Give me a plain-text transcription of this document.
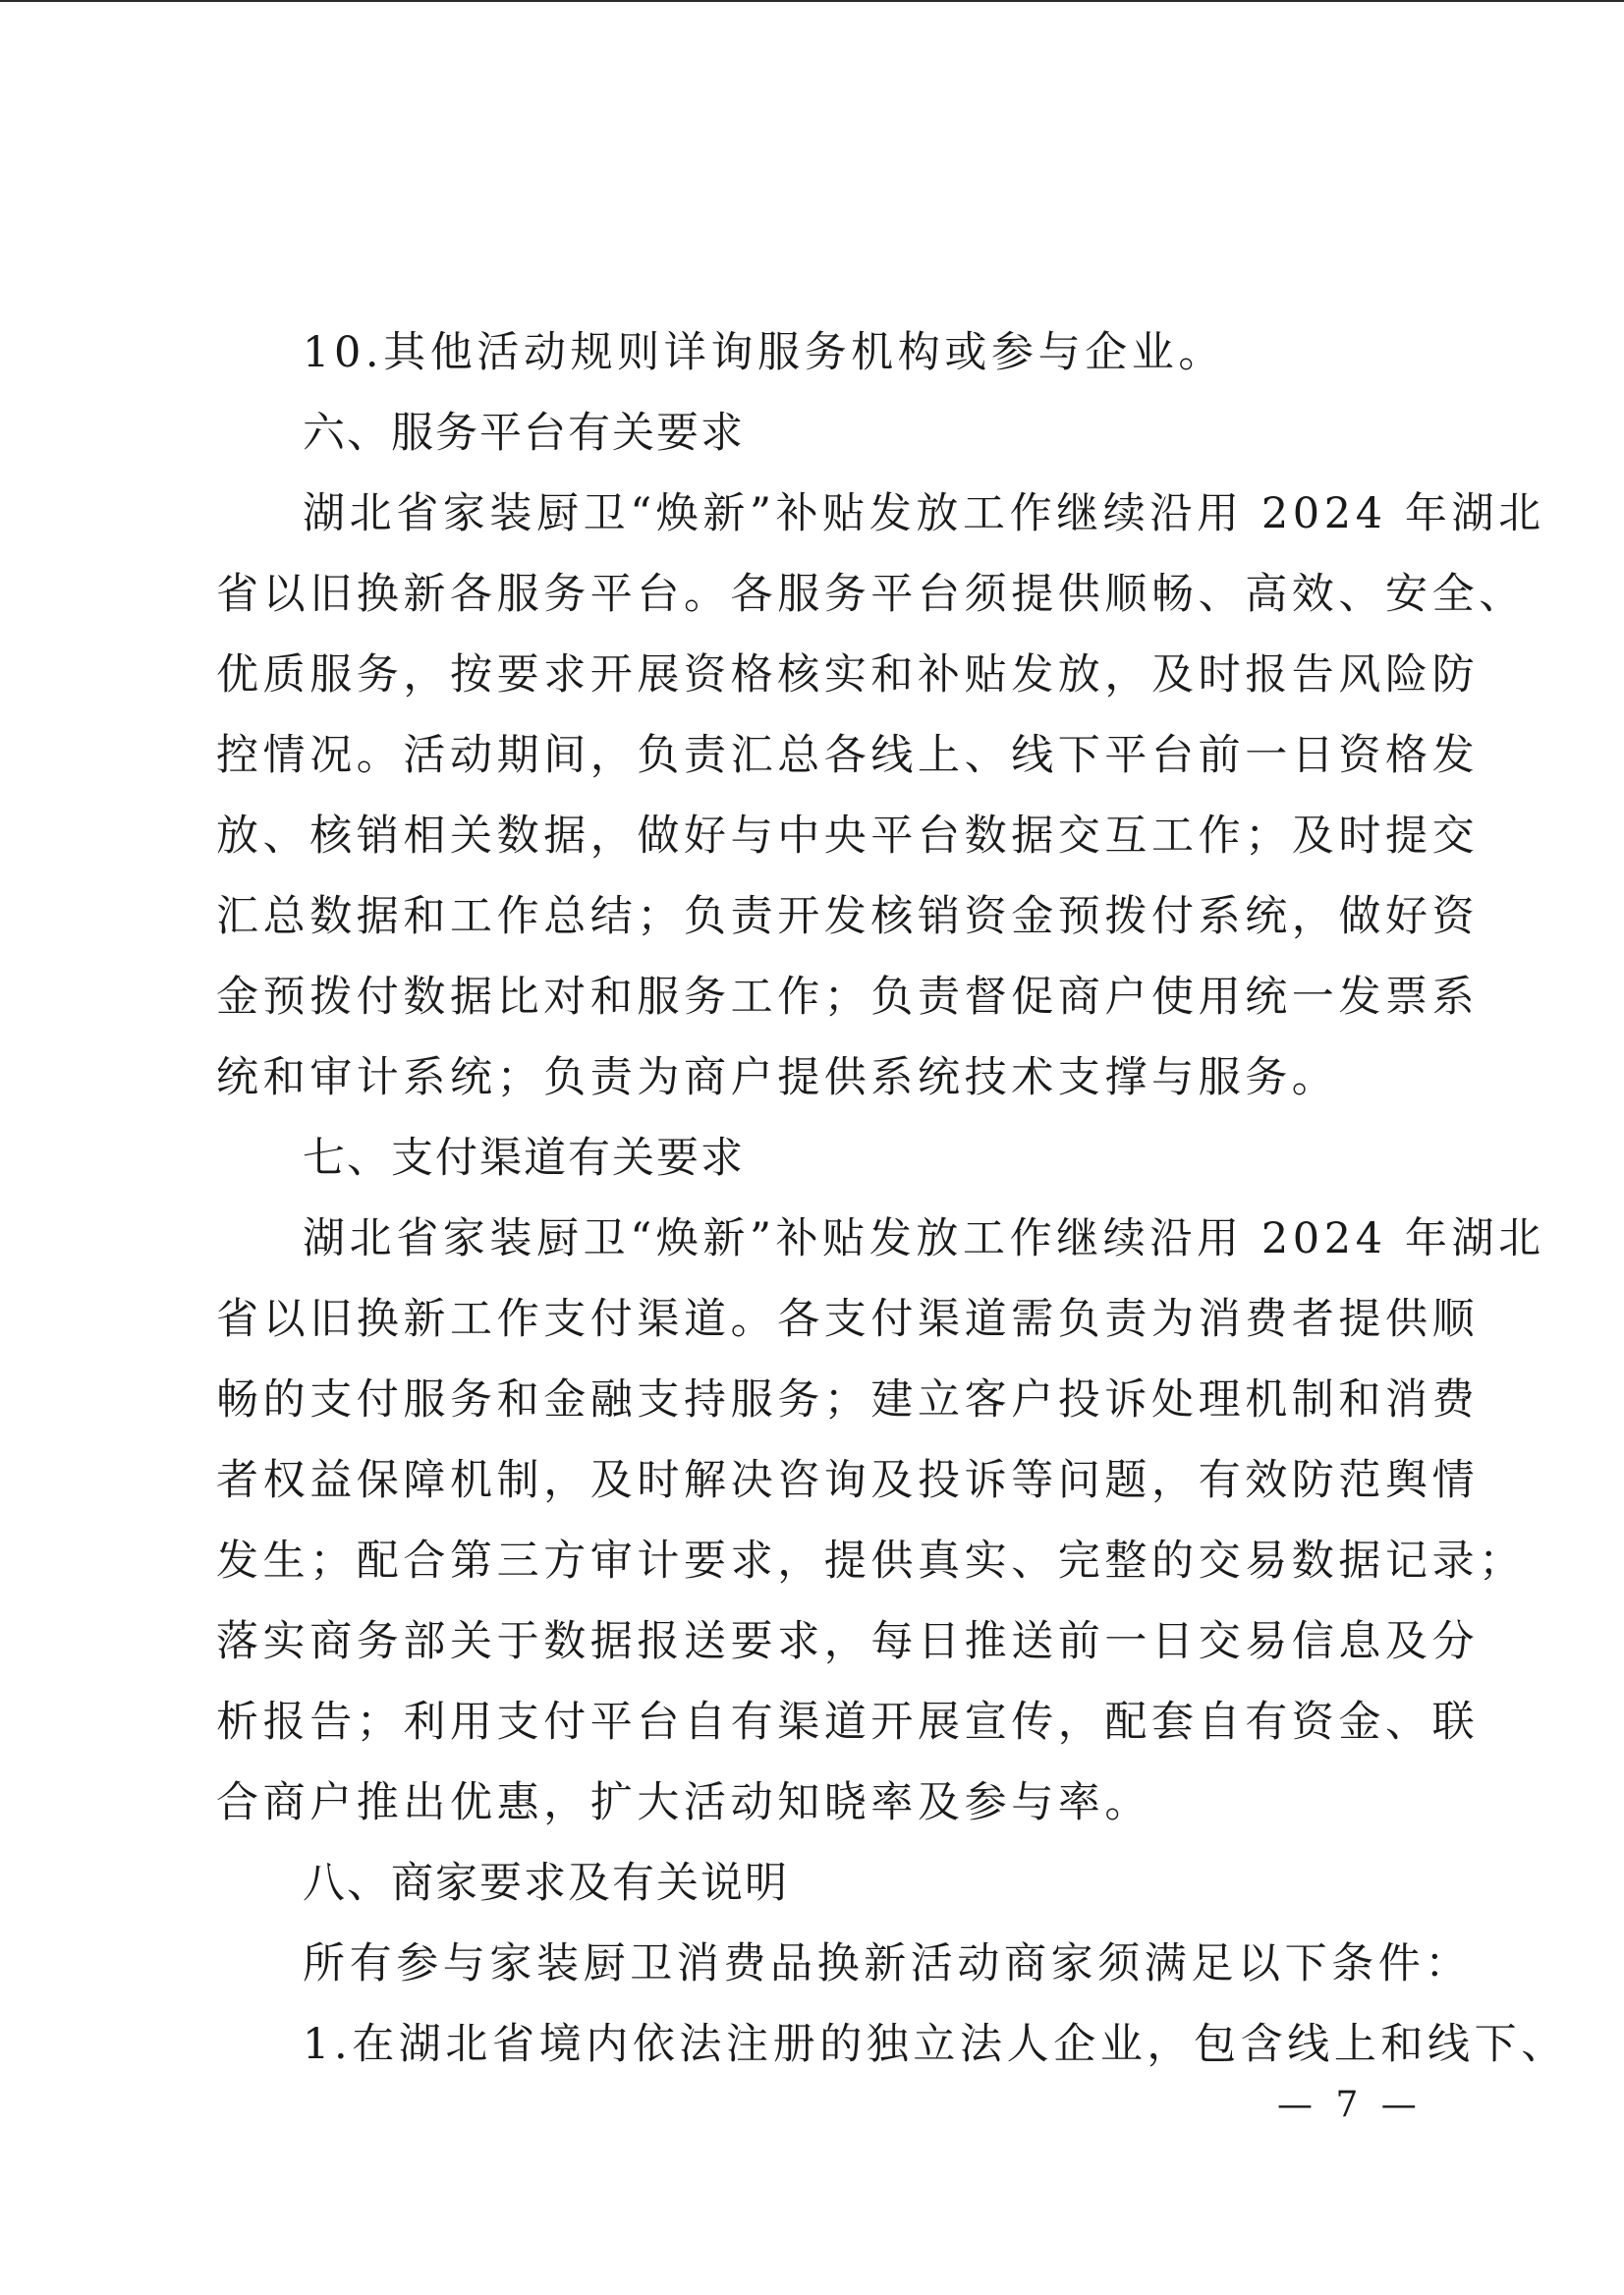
10.其他活动规则详询服务机构或参与企业。
六、服务平台有关要求
湖北省家装厨卫“焕新”补贴发放工作继续沿用 2024 年湖北
省以旧换新各服务平台。各服务平台须提供顺畅、高效、安全、
优质服务，按要求开展资格核实和补贴发放，及时报告风险防
控情况。活动期间，负责汇总各线上、线下平台前一日资格发
放、核销相关数据，做好与中央平台数据交互工作；及时提交
汇总数据和工作总结；负责开发核销资金预拨付系统，做好资
金预拨付数据比对和服务工作；负责督促商户使用统一发票系
统和审计系统；负责为商户提供系统技术支撑与服务。
七、支付渠道有关要求
湖北省家装厨卫“焕新”补贴发放工作继续沿用 2024 年湖北
省以旧换新工作支付渠道。各支付渠道需负责为消费者提供顺
畅的支付服务和金融支持服务；建立客户投诉处理机制和消费
者权益保障机制，及时解决咨询及投诉等问题，有效防范舆情
发生；配合第三方审计要求，提供真实、完整的交易数据记录；
落实商务部关于数据报送要求，每日推送前一日交易信息及分
析报告；利用支付平台自有渠道开展宣传，配套自有资金、联
合商户推出优惠，扩大活动知晓率及参与率。
八、商家要求及有关说明
所有参与家装厨卫消费品换新活动商家须满足以下条件：
1.在湖北省境内依法注册的独立法人企业，包含线上和线下、
— 7 —
